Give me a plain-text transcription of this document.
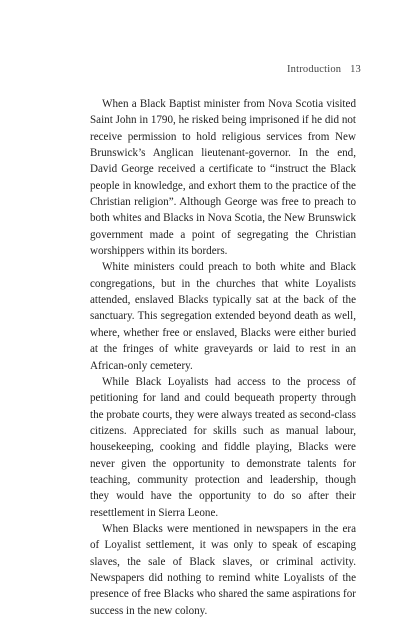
Introduction 13

When a Black Baptist minister from Nova Scotia visited Saint John in 1790, he risked being imprisoned if he did not receive permission to hold religious services from New Brunswick’s Anglican lieutenant-governor. In the end, David George received a certificate to “instruct the Black people in knowledge, and exhort them to the practice of the Christian religion”. Although George was free to preach to both whites and Blacks in Nova Scotia, the New Brunswick government made a point of segregating the Christian worshippers within its borders.

White ministers could preach to both white and Black congregations, but in the churches that white Loyalists attended, enslaved Blacks typically sat at the back of the sanctuary. This segregation extended beyond death as well, where, whether free or enslaved, Blacks were either buried at the fringes of white graveyards or laid to rest in an African-only cemetery.

While Black Loyalists had access to the process of petitioning for land and could bequeath property through the probate courts, they were always treated as second-class citizens. Appreciated for skills such as manual labour, housekeeping, cooking and fiddle playing, Blacks were never given the opportunity to demonstrate talents for teaching, community protection and leadership, though they would have the opportunity to do so after their resettlement in Sierra Leone.

When Blacks were mentioned in newspapers in the era of Loyalist settlement, it was only to speak of escaping slaves, the sale of Black slaves, or criminal activity. Newspapers did nothing to remind white Loyalists of the presence of free Blacks who shared the same aspirations for success in the new colony.
